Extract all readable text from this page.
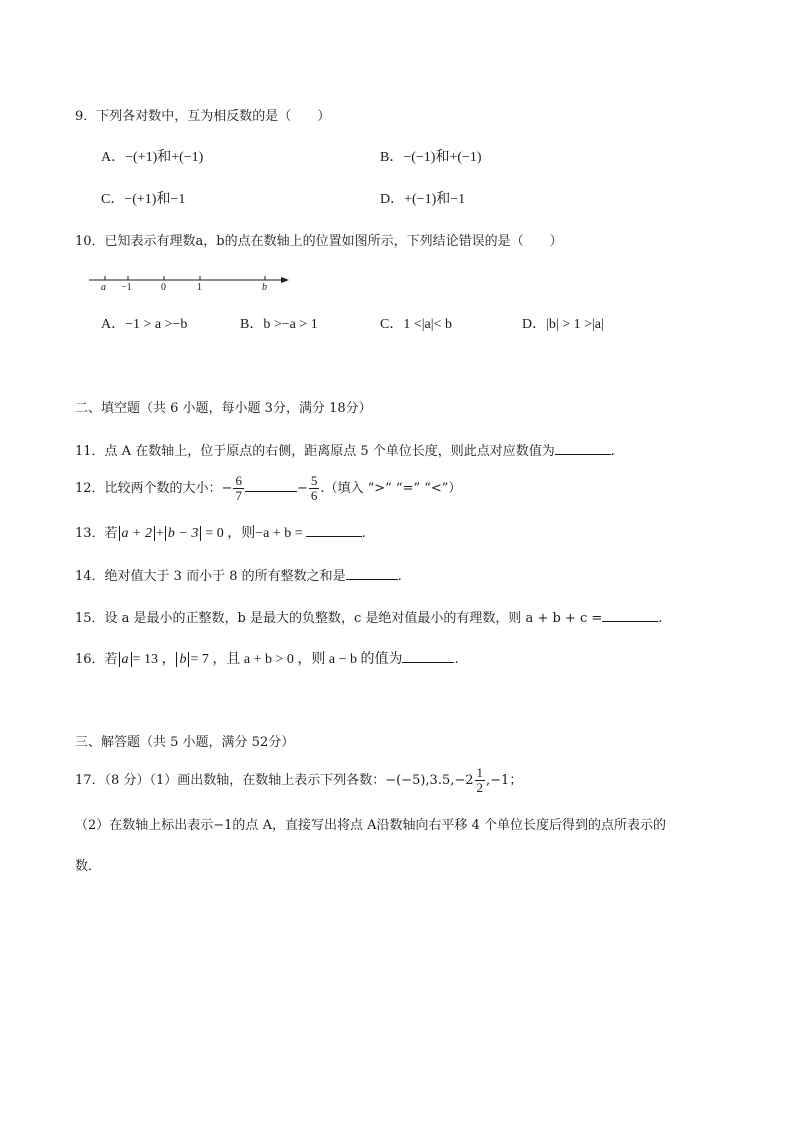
9．下列各对数中，互为相反数的是（　　）
A．−(+1)和+(−1)	B．−(−1)和+(−1)
C．−(+1)和−1	D．+(−1)和−1
10．已知表示有理数a，b的点在数轴上的位置如图所示，下列结论错误的是（　　）
a −1	0	1	b
A．−1 > a >−b	B．b >−a > 1	C．1 <|a|< b	D．|b| > 1 >|a|
二、填空题（共 6 小题，每小题 3分，满分 18分）
11．点 A 在数轴上，位于原点的右侧，距离原点 5 个单位长度，则此点对应数值为	.
12．比较两个数的大小：− $\frac{6}{7}$	− $\frac{5}{6}$ .（填入 “>” “=” “<”）
13．若 a + 2 + b − 3 = 0 ，则−a + b =	.
14．绝对值大于 3 而小于 8 的所有整数之和是	.
15．设 a 是最小的正整数，b 是最大的负整数，c 是绝对值最小的有理数，则 a + b + c =	.
16．若 a = 13 ， b = 7 ，且 a + b > 0 ，则 a − b 的值为	.
三、解答题（共 5 小题，满分 52分）
17．（8 分）（1）画出数轴，在数轴上表示下列各数：$-(-5),3.5,-2 \frac{1}{2} ,-1$；
（2）在数轴上标出表示−1的点 A，直接写出将点 A沿数轴向右平移 4 个单位长度后得到的点所表示的
数．
